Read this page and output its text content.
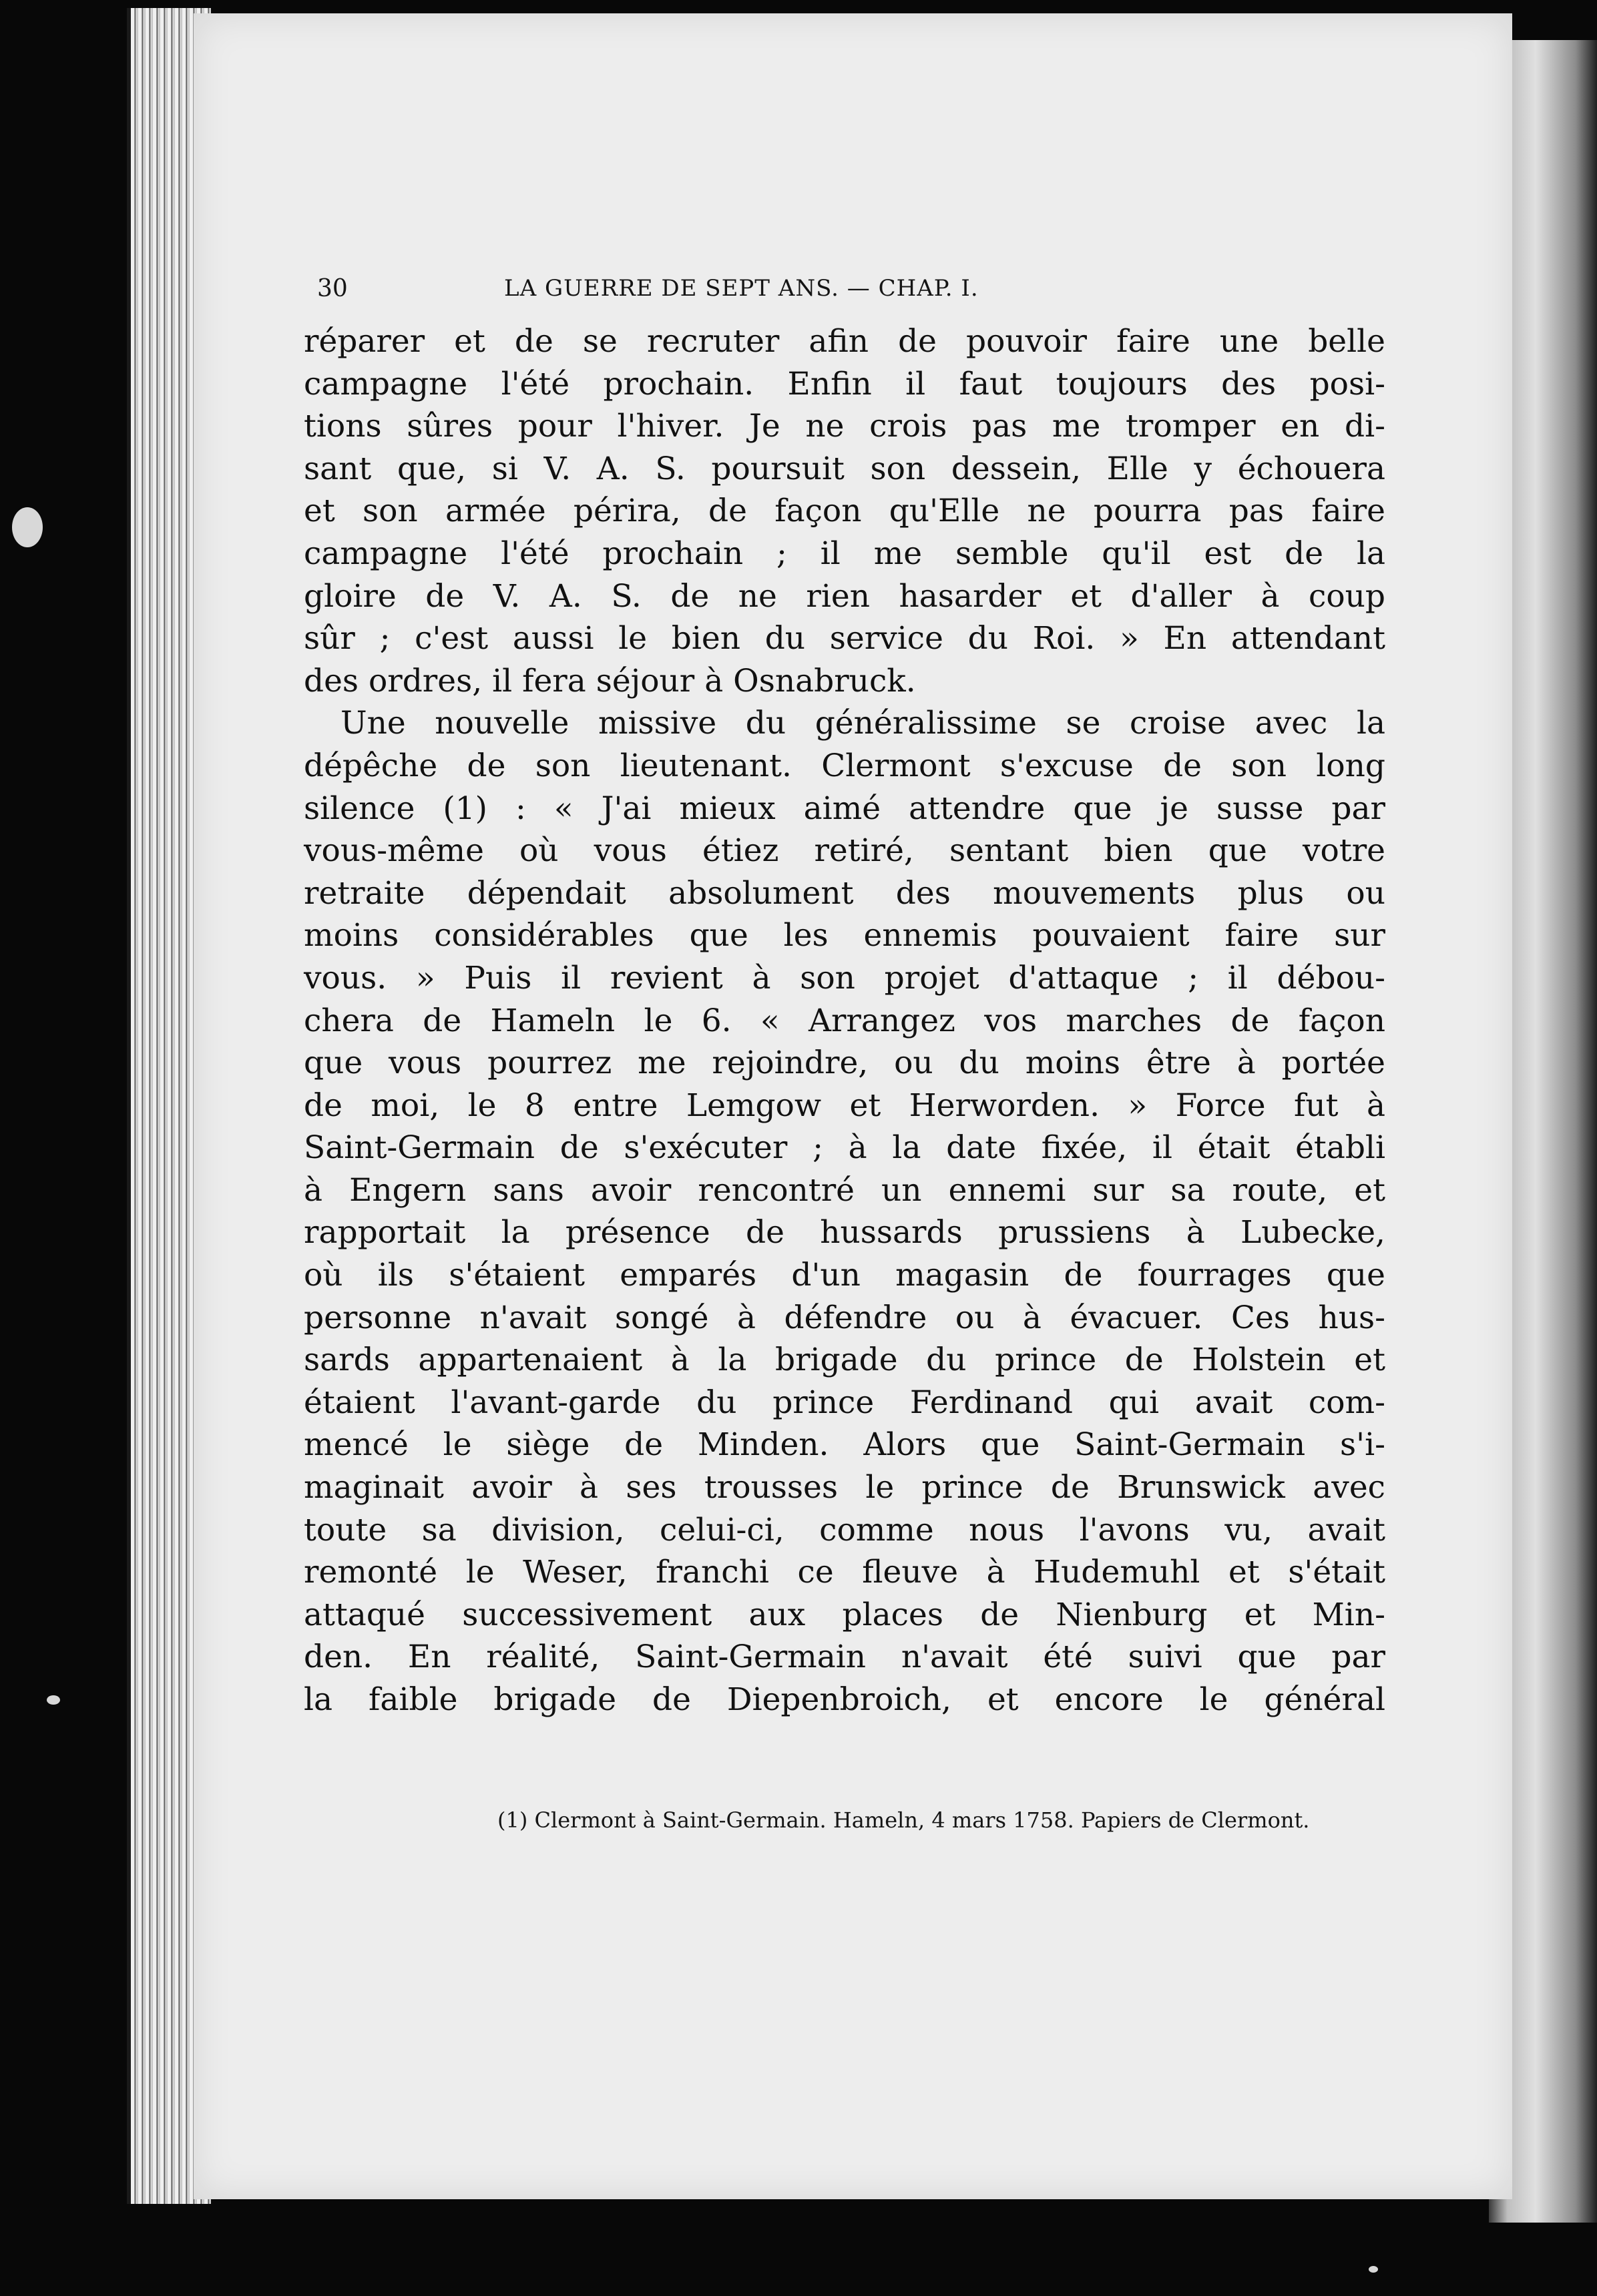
30	LA GUERRE DE SEPT ANS. — CHAP. I.
réparer et de se recruter afin de pouvoir faire une belle
campagne l'été prochain. Enfin il faut toujours des posi-
tions sûres pour l'hiver. Je ne crois pas me tromper en di-
sant que, si V. A. S. poursuit son dessein, Elle y échouera
et son armée périra, de façon qu'Elle ne pourra pas faire
campagne l'été prochain ; il me semble qu'il est de la
gloire de V. A. S. de ne rien hasarder et d'aller à coup
sûr ; c'est aussi le bien du service du Roi. » En attendant
des ordres, il fera séjour à Osnabruck.
Une nouvelle missive du généralissime se croise avec la
dépêche de son lieutenant. Clermont s'excuse de son long
silence (1) : « J'ai mieux aimé attendre que je susse par
vous-même où vous étiez retiré, sentant bien que votre
retraite dépendait absolument des mouvements plus ou
moins considérables que les ennemis pouvaient faire sur
vous. » Puis il revient à son projet d'attaque ; il débou-
chera de Hameln le 6. « Arrangez vos marches de façon
que vous pourrez me rejoindre, ou du moins être à portée
de moi, le 8 entre Lemgow et Herworden. » Force fut à
Saint-Germain de s'exécuter ; à la date fixée, il était établi
à Engern sans avoir rencontré un ennemi sur sa route, et
rapportait la présence de hussards prussiens à Lubecke,
où ils s'étaient emparés d'un magasin de fourrages que
personne n'avait songé à défendre ou à évacuer. Ces hus-
sards appartenaient à la brigade du prince de Holstein et
étaient l'avant-garde du prince Ferdinand qui avait com-
mencé le siège de Minden. Alors que Saint-Germain s'i-
maginait avoir à ses trousses le prince de Brunswick avec
toute sa division, celui-ci, comme nous l'avons vu, avait
remonté le Weser, franchi ce fleuve à Hudemuhl et s'était
attaqué successivement aux places de Nienburg et Min-
den. En réalité, Saint-Germain n'avait été suivi que par
la faible brigade de Diepenbroich, et encore le général
(1) Clermont à Saint-Germain. Hameln, 4 mars 1758. Papiers de Clermont.
